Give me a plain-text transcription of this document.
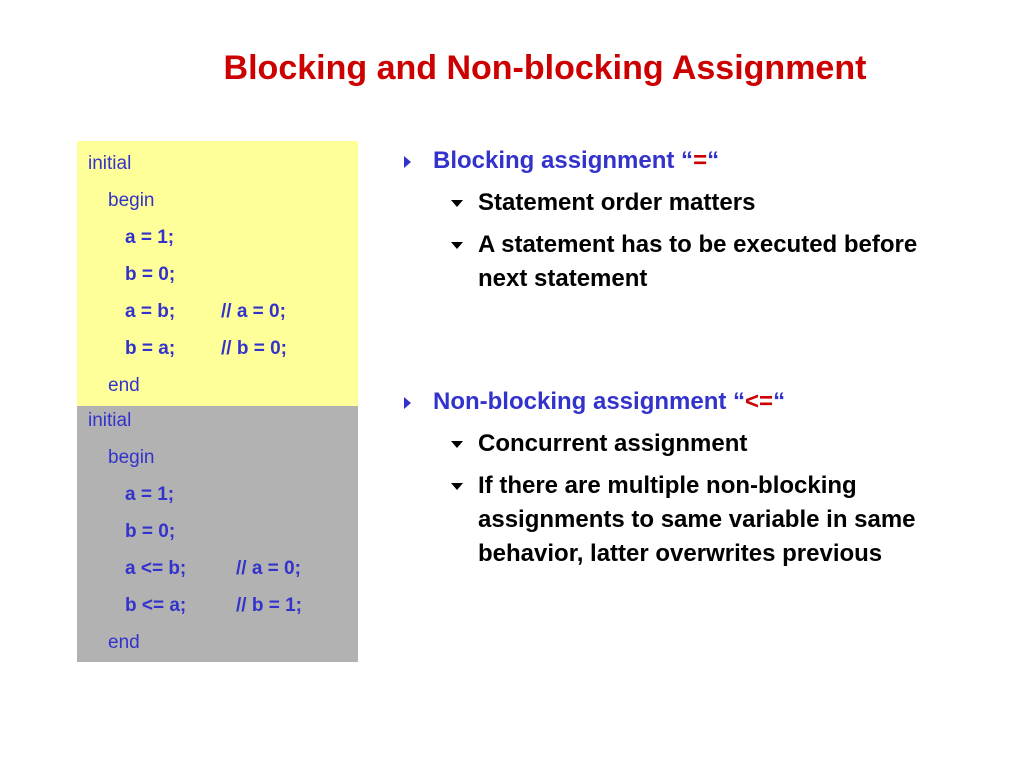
Blocking and Non-blocking Assignment
initial
begin
a = 1;
b = 0;
a = b; // a = 0;
b = a; // b = 0;
end
initial
begin
a = 1;
b = 0;
a <= b;	// a = 0;
b <= a;	// b = 1;
end
Blocking assignment “=“
Statement order matters
A statement has to be executed before next statement
Non-blocking assignment “<=“
Concurrent assignment
If there are multiple non-blocking assignments to same variable in same behavior, latter overwrites previous
